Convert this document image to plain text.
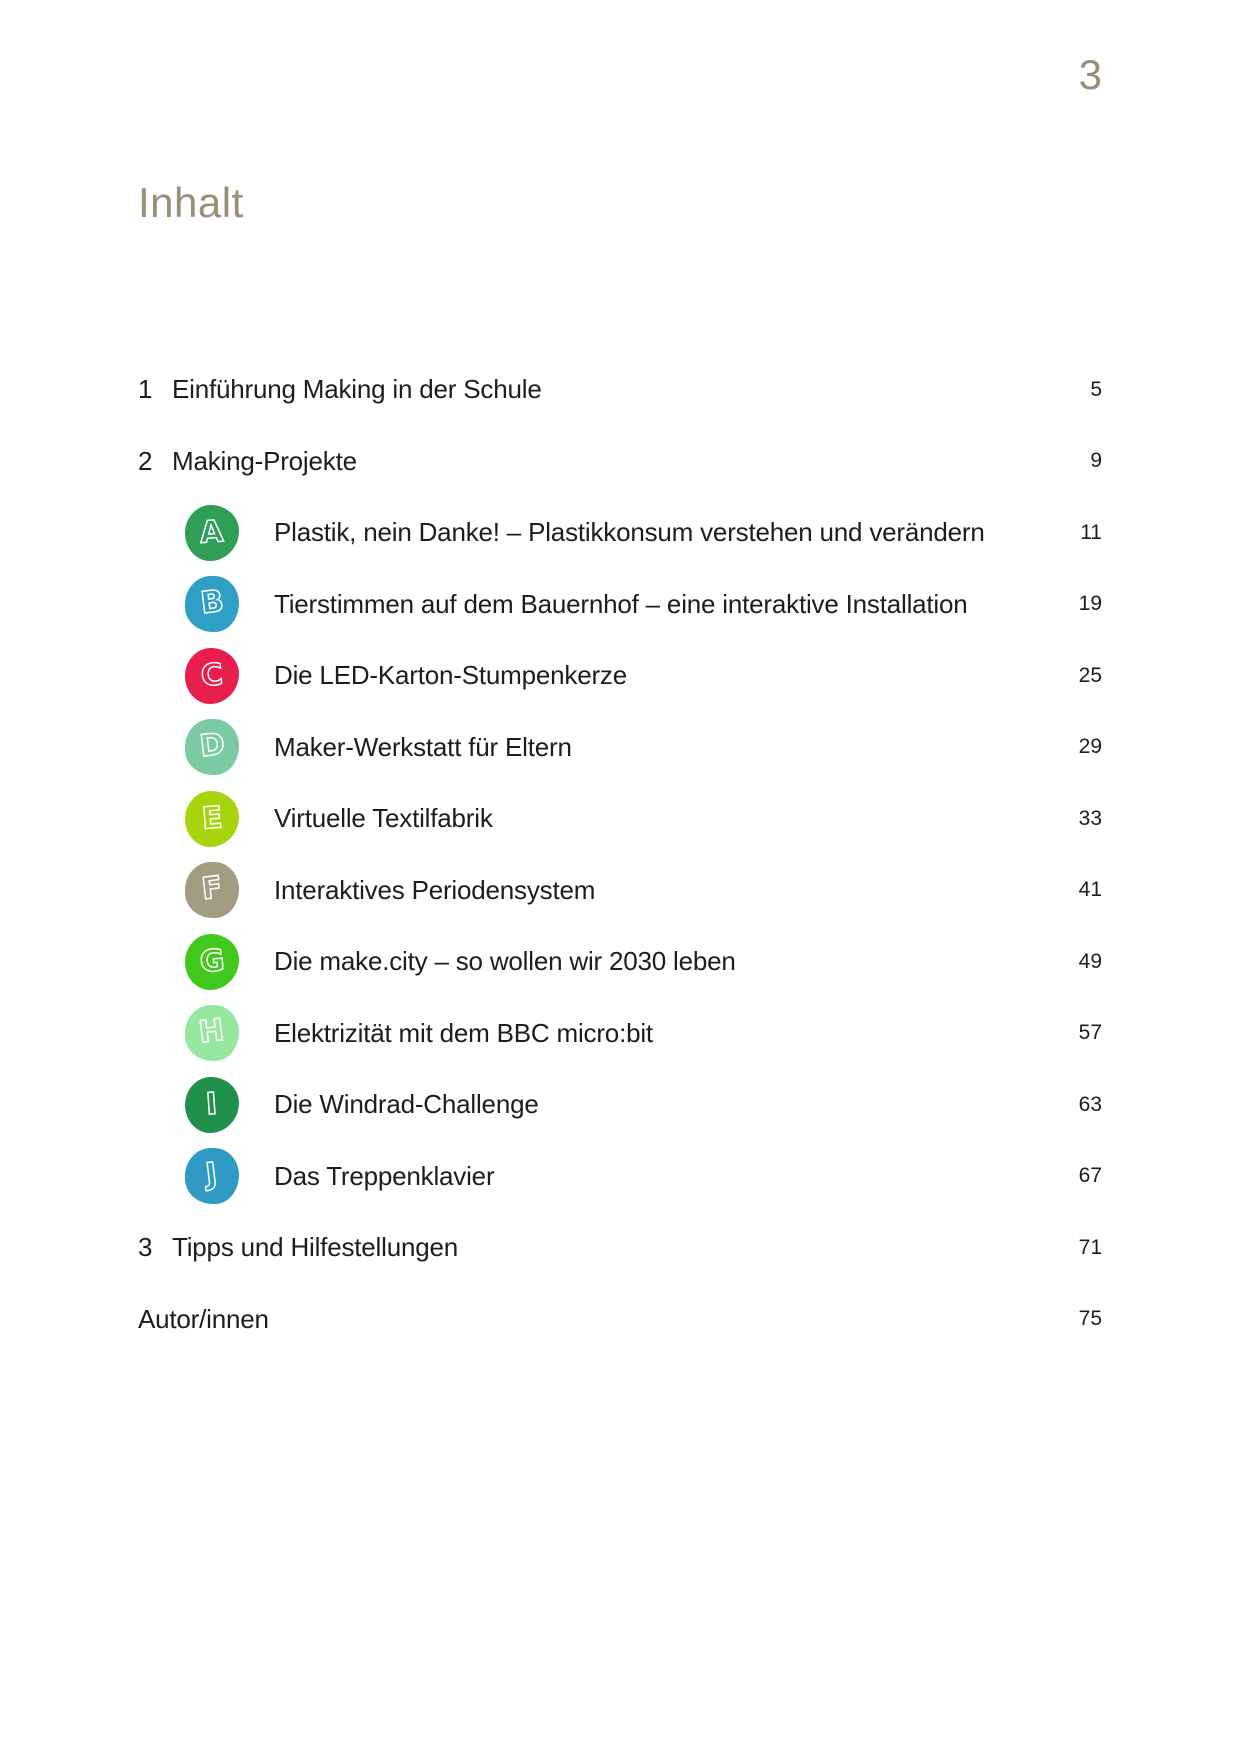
3
Inhalt
1 Einführung Making in der Schule	5
2 Making-Projekte	9
A Plastik, nein Danke! – Plastikkonsum verstehen und verändern	11
B Tierstimmen auf dem Bauernhof – eine interaktive Installation	19
C Die LED-Karton-Stumpenkerze	25
D Maker-Werkstatt für Eltern	29
E Virtuelle Textilfabrik	33
F Interaktives Periodensystem	41
G Die make.city – so wollen wir 2030 leben	49
H Elektrizität mit dem BBC micro:bit	57
I Die Windrad-Challenge	63
J Das Treppenklavier	67
3 Tipps und Hilfestellungen	71
Autor/innen	75
